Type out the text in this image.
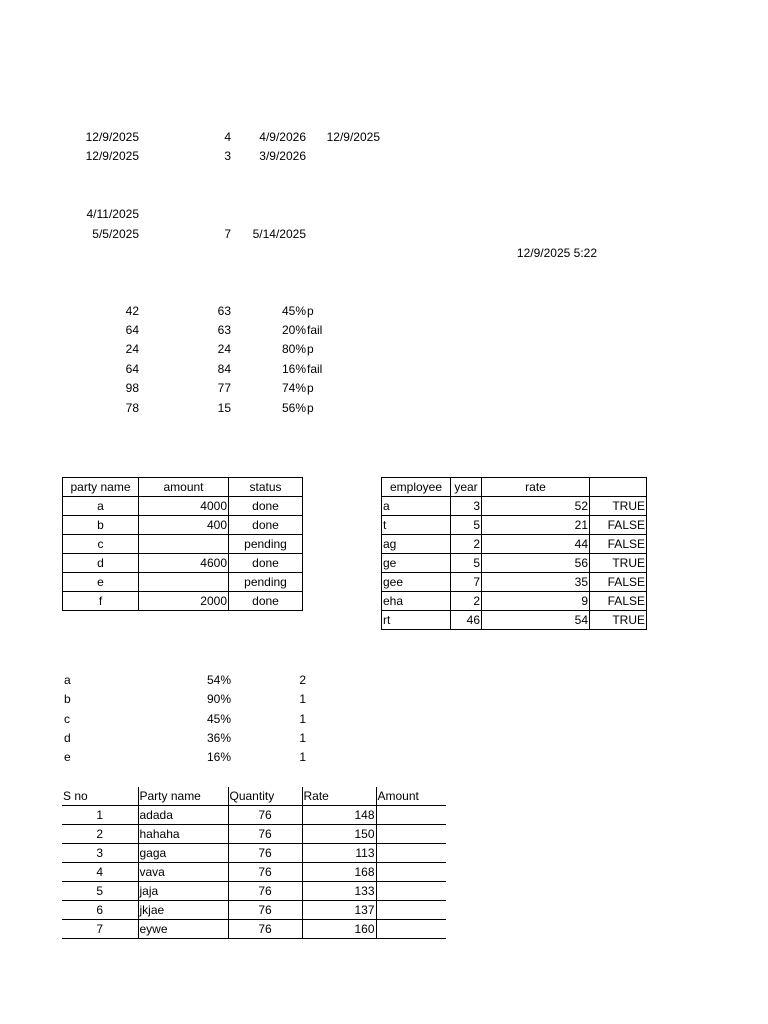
12/9/2025	4	4/9/2026	12/9/2025
12/9/2025	3	3/9/2026
4/11/2025
5/5/2025	7	5/14/2025
12/9/2025 5:22
42	63	45% p
64	63	20% fail
24	24	80% p
64	84	16% fail
98	77	74% p
78	15	56% p
party name	amount	status
a	4000	done
b	400	done
c		pending
d	4600	done
e		pending
f	2000	done
employee	year	rate	
a	3	52	TRUE
t	5	21	FALSE
ag	2	44	FALSE
ge	5	56	TRUE
gee	7	35	FALSE
eha	2	9	FALSE
rt	46	54	TRUE
a	54%	2
b	90%	1
c	45%	1
d	36%	1
e	16%	1
S no	Party name	Quantity	Rate	Amount
1	adada	76	148	
2	hahaha	76	150	
3	gaga	76	113	
4	vava	76	168	
5	jaja	76	133	
6	jkjae	76	137	
7	eywe	76	160	
